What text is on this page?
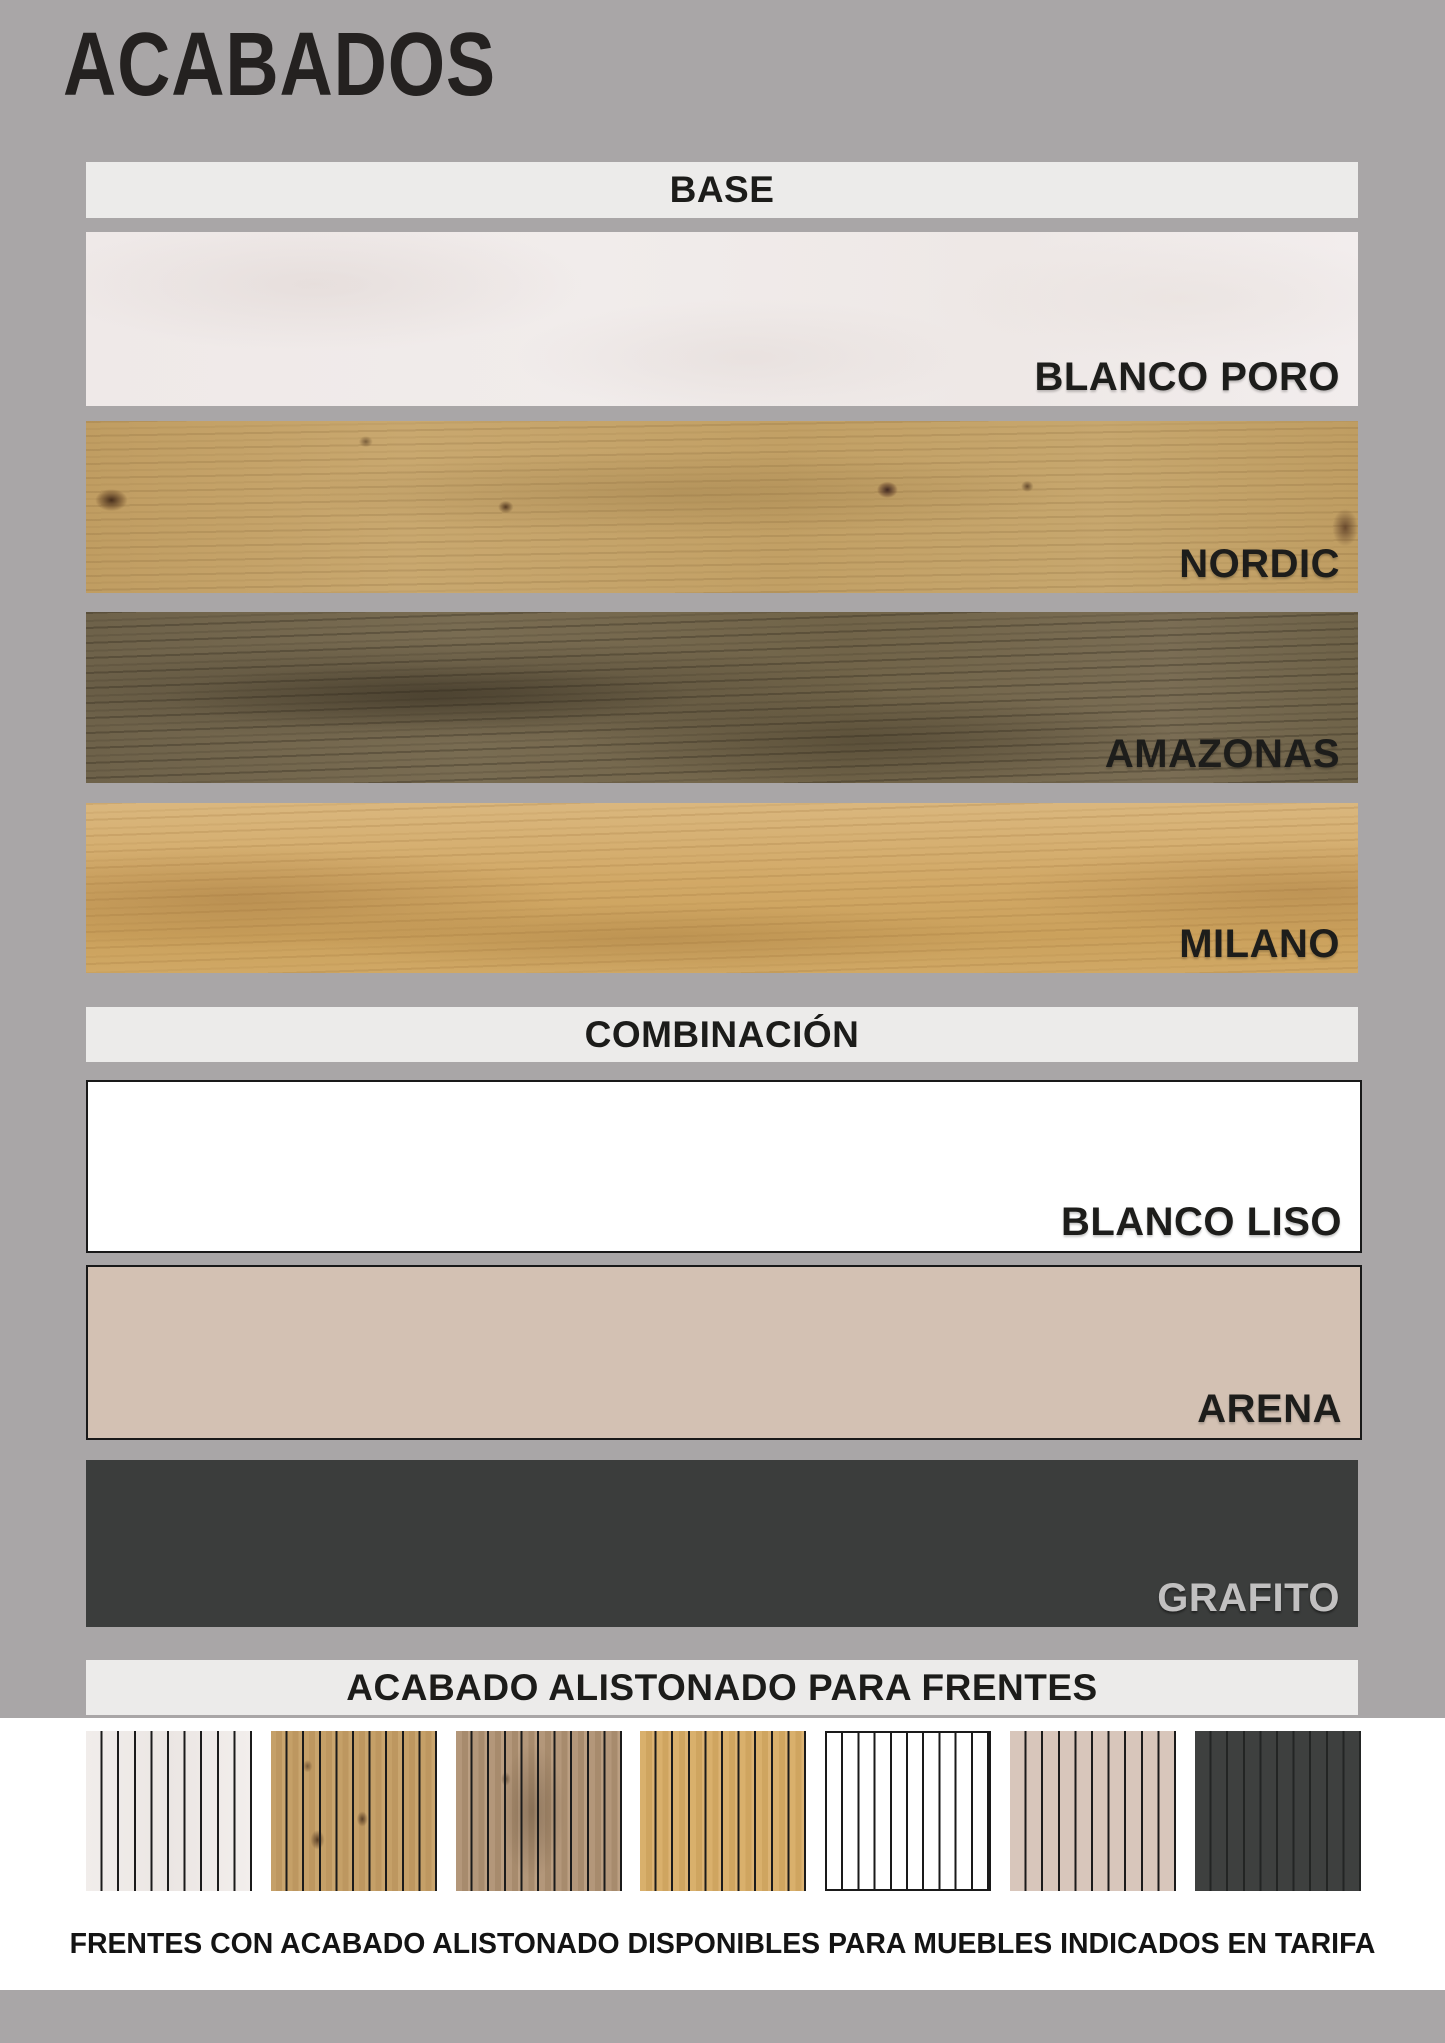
ACABADOS
BASE
BLANCO PORO
NORDIC
AMAZONAS
MILANO
COMBINACIÓN
BLANCO LISO
ARENA
GRAFITO
ACABADO ALISTONADO PARA FRENTES
FRENTES CON ACABADO ALISTONADO DISPONIBLES PARA MUEBLES INDICADOS EN TARIFA
